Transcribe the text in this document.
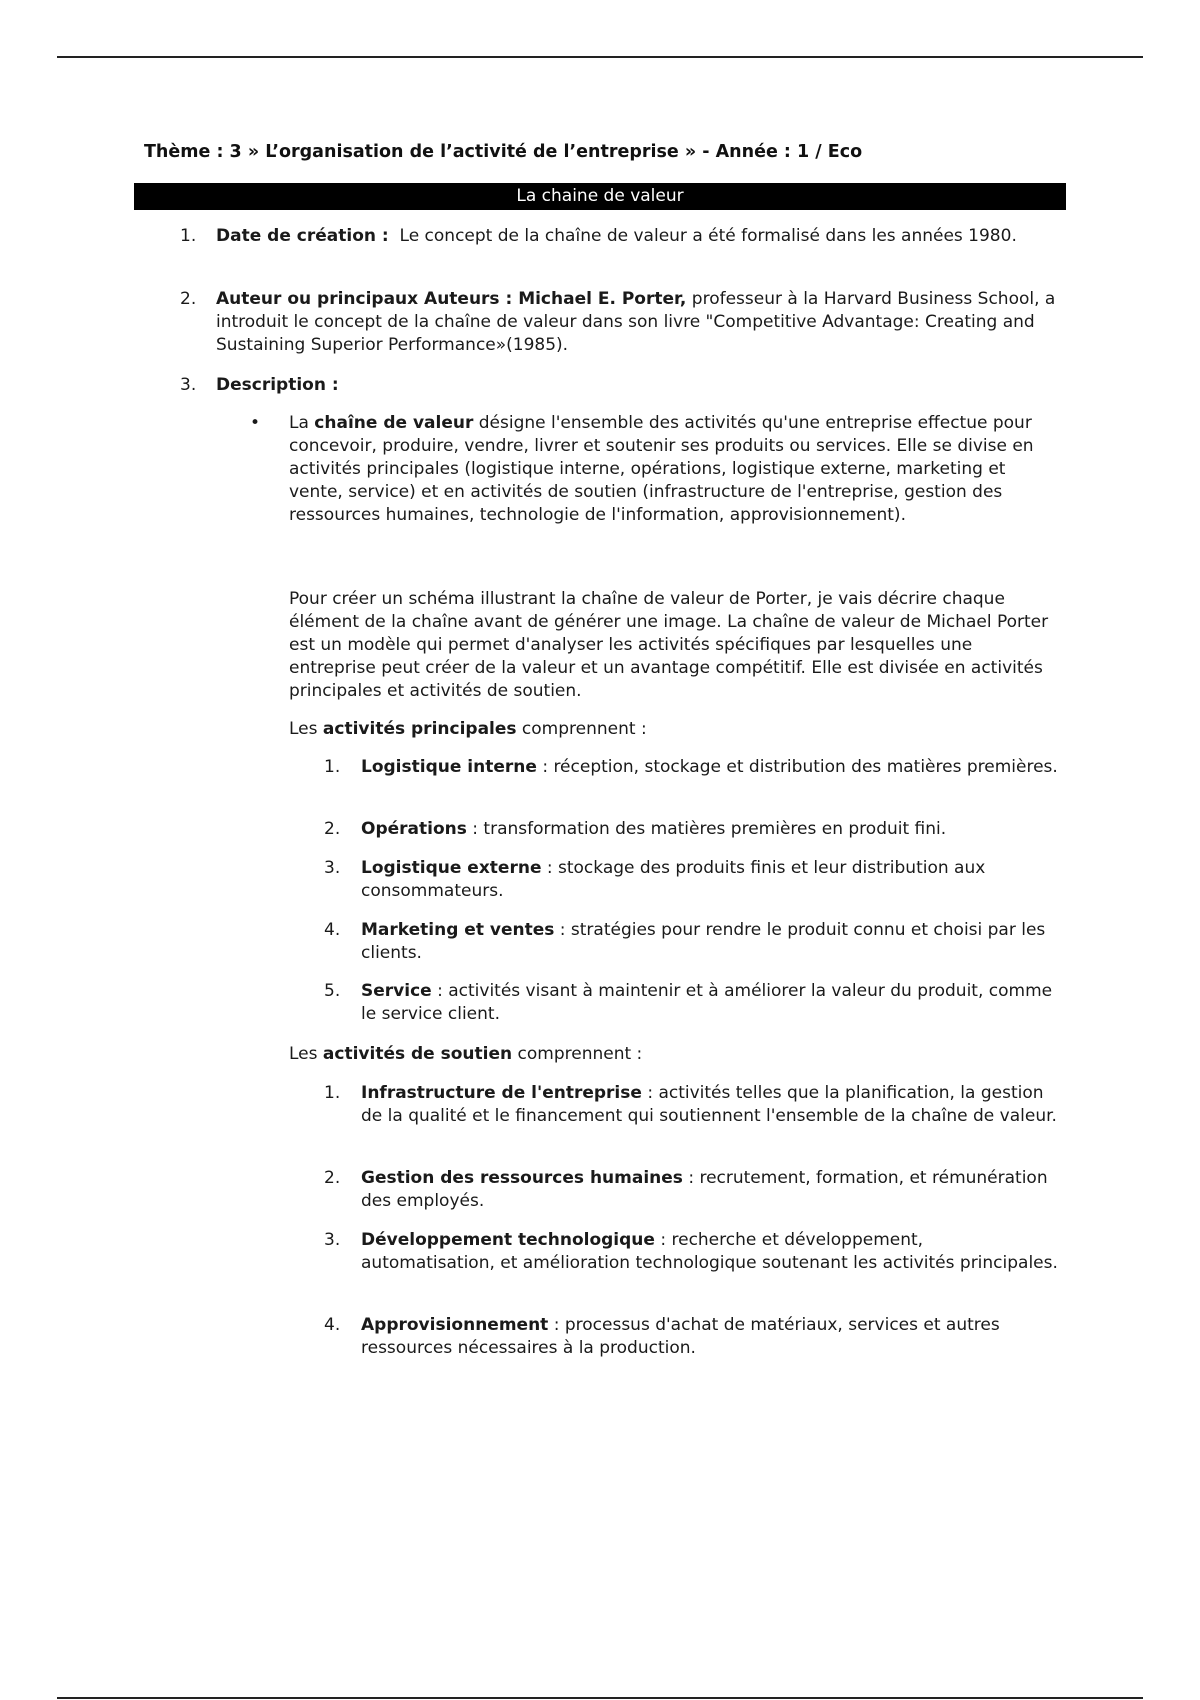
Thème : 3 » L’organisation de l’activité de l’entreprise » - Année : 1 / Eco
La chaine de valeur
1.	Date de création : Le concept de la chaîne de valeur a été formalisé dans les années 1980.
2.	Auteur ou principaux Auteurs : Michael E. Porter, professeur à la Harvard Business School, a introduit le concept de la chaîne de valeur dans son livre "Competitive Advantage: Creating and Sustaining Superior Performance»(1985).
3.	Description :
• La chaîne de valeur désigne l'ensemble des activités qu'une entreprise effectue pour concevoir, produire, vendre, livrer et soutenir ses produits ou services. Elle se divise en activités principales (logistique interne, opérations, logistique externe, marketing et vente, service) et en activités de soutien (infrastructure de l'entreprise, gestion des ressources humaines, technologie de l'information, approvisionnement).
Pour créer un schéma illustrant la chaîne de valeur de Porter, je vais décrire chaque élément de la chaîne avant de générer une image. La chaîne de valeur de Michael Porter est un modèle qui permet d'analyser les activités spécifiques par lesquelles une entreprise peut créer de la valeur et un avantage compétitif. Elle est divisée en activités principales et activités de soutien.
Les activités principales comprennent :
1.	Logistique interne : réception, stockage et distribution des matières premières.
2.	Opérations : transformation des matières premières en produit fini.
3.	Logistique externe : stockage des produits finis et leur distribution aux consommateurs.
4.	Marketing et ventes : stratégies pour rendre le produit connu et choisi par les clients.
5.	Service : activités visant à maintenir et à améliorer la valeur du produit, comme le service client.
Les activités de soutien comprennent :
1.	Infrastructure de l'entreprise : activités telles que la planification, la gestion de la qualité et le financement qui soutiennent l'ensemble de la chaîne de valeur.
2.	Gestion des ressources humaines : recrutement, formation, et rémunération des employés.
3.	Développement technologique : recherche et développement, automatisation, et amélioration technologique soutenant les activités principales.
4.	Approvisionnement : processus d'achat de matériaux, services et autres ressources nécessaires à la production.
